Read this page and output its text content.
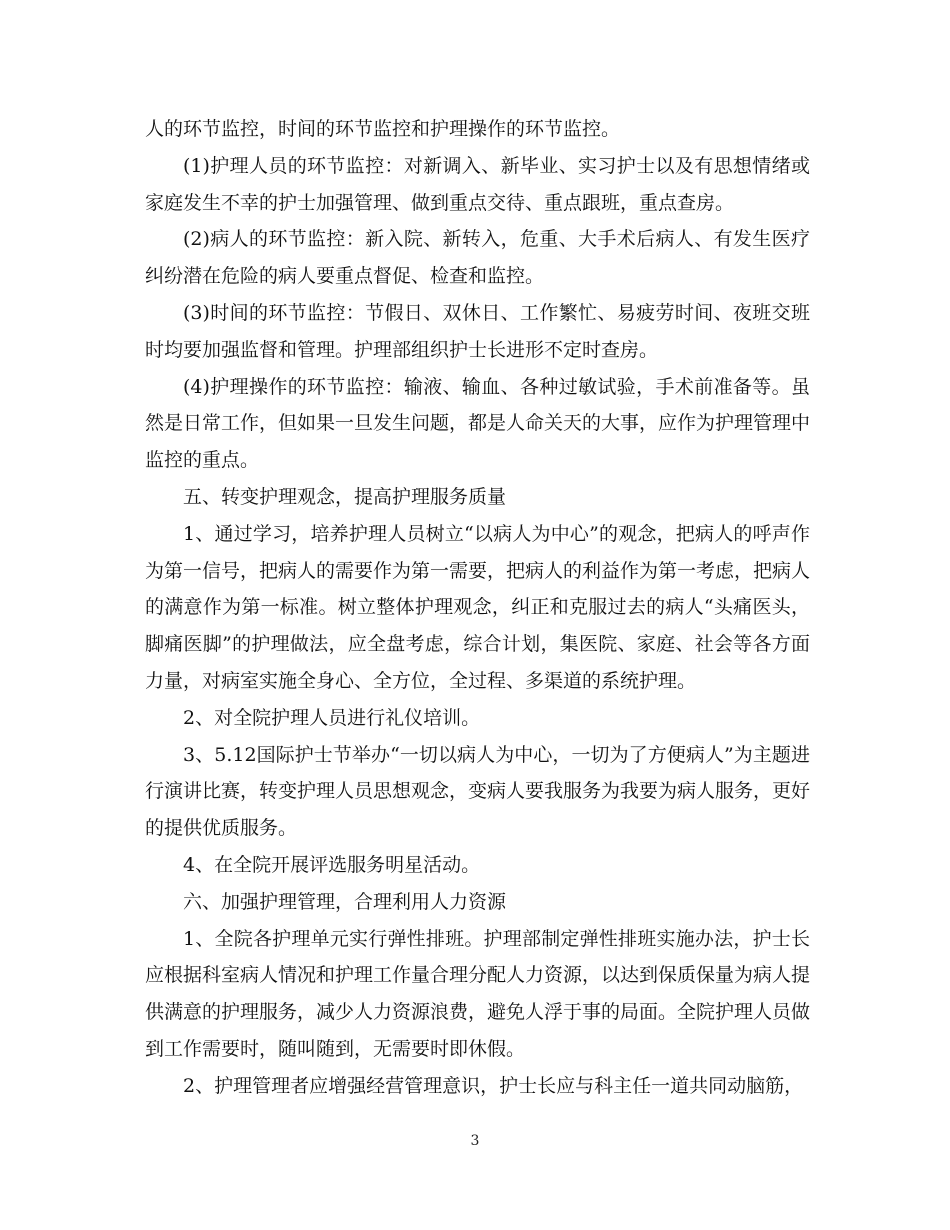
人的环节监控，时间的环节监控和护理操作的环节监控。

(1)护理人员的环节监控：对新调入、新毕业、实习护士以及有思想情绪或家庭发生不幸的护士加强管理、做到重点交待、重点跟班，重点查房。

(2)病人的环节监控：新入院、新转入，危重、大手术后病人、有发生医疗纠纷潜在危险的病人要重点督促、检查和监控。

(3)时间的环节监控：节假日、双休日、工作繁忙、易疲劳时间、夜班交班时均要加强监督和管理。护理部组织护士长进形不定时查房。

(4)护理操作的环节监控：输液、输血、各种过敏试验，手术前准备等。虽然是日常工作，但如果一旦发生问题，都是人命关天的大事，应作为护理管理中监控的重点。

五、转变护理观念，提高护理服务质量

1、通过学习，培养护理人员树立“以病人为中心”的观念，把病人的呼声作为第一信号，把病人的需要作为第一需要，把病人的利益作为第一考虑，把病人的满意作为第一标准。树立整体护理观念，纠正和克服过去的病人“头痛医头，脚痛医脚”的护理做法，应全盘考虑，综合计划，集医院、家庭、社会等各方面力量，对病室实施全身心、全方位，全过程、多渠道的系统护理。

2、对全院护理人员进行礼仪培训。

3、5.12国际护士节举办“一切以病人为中心，一切为了方便病人”为主题进行演讲比赛，转变护理人员思想观念，变病人要我服务为我要为病人服务，更好的提供优质服务。

4、在全院开展评选服务明星活动。

六、加强护理管理，合理利用人力资源

1、全院各护理单元实行弹性排班。护理部制定弹性排班实施办法，护士长应根据科室病人情况和护理工作量合理分配人力资源，以达到保质保量为病人提供满意的护理服务，减少人力资源浪费，避免人浮于事的局面。全院护理人员做到工作需要时，随叫随到，无需要时即休假。

2、护理管理者应增强经营管理意识，护士长应与科主任一道共同动脑筋，

3
